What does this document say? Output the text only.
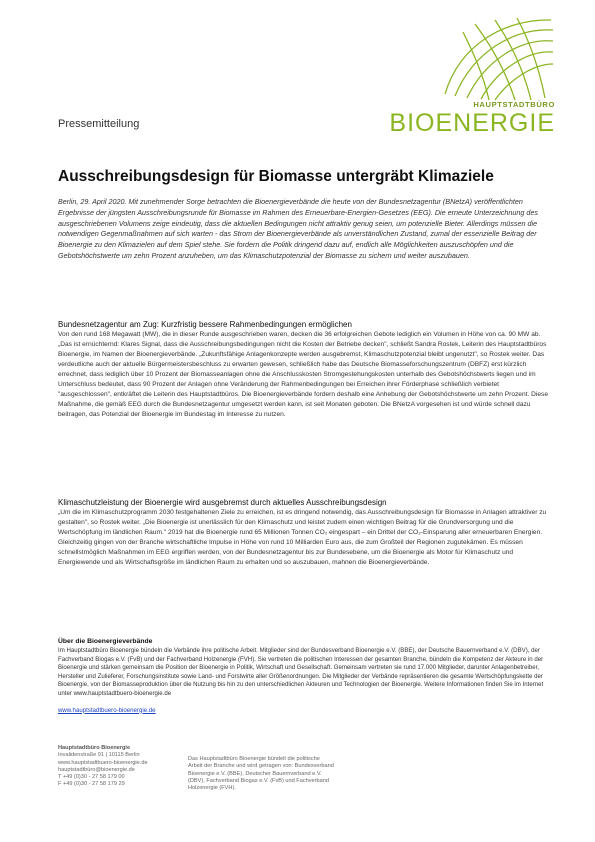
HAUPTSTADTBÜRO
BIOENERGIE
Pressemitteilung
Ausschreibungsdesign für Biomasse untergräbt Klimaziele

Berlin, 29. April 2020. Mit zunehmender Sorge betrachten die Bioenergieverbände die heute von der Bundesnetzagentur (BNetzA) veröffentlichten Ergebnisse der jüngsten Ausschreibungsrunde für Biomasse im Rahmen des Erneuerbare-Energien-Gesetzes (EEG). Die erneute Unterzeichnung des ausgeschriebenen Volumens zeige eindeutig, dass die aktuellen Bedingungen nicht attraktiv genug seien, um potenzielle Bieter. Allerdings müssen die notwendigen Gegenmaßnahmen auf sich warten - das Strom der Bioenergieverbände als unverständlichen Zustand, zumal der essenzielle Beitrag der Bioenergie zu den Klimazielen auf dem Spiel stehe. Sie fordern die Politik dringend dazu auf, endlich alle Möglichkeiten auszuschöpfen und die Gebotshöchstwerte um zehn Prozent anzuheben, um das Klimaschutzpotenzial der Biomasse zu sichern und weiter auszubauen.

Bundesnetzagentur am Zug: Kurzfristig bessere Rahmenbedingungen ermöglichen

Von den rund 168 Megawatt (MW), die in dieser Runde ausgeschrieben waren, decken die 36 erfolgreichen Gebote lediglich ein Volumen in Höhe von ca. 90 MW ab. „Das ist ernüchternd: Klares Signal, dass die Ausschreibungsbedingungen nicht die Kosten der Betriebe decken", schließt Sandra Rostek, Leiterin des Hauptstadtbüros Bioenergie, im Namen der Bioenergieverbände. „Zukunftsfähige Anlagenkonzepte werden ausgebremst, Klimaschutzpotenzial bleibt ungenutzt", so Rostek weiter. Das verdeutliche auch der aktuelle Bürgermeistersbeschluss zu erwarten gewesen, schließlich habe das Deutsche Biomasseforschungszentrum (DBFZ) erst kürzlich errechnet, dass lediglich über 10 Prozent der Biomasseanlagen ohne die Anschlusskosten Stromgestehungskosten unterhalb des Gebotshöchstwerts liegen und im Unterschluss bedeutet, dass 90 Prozent der Anlagen ohne Veränderung der Rahmenbedingungen bei Erreichen ihrer Förderphase schließlich verbietet "ausgeschlossen", entkräftet die Leiterin des Hauptstadtbüros. Die Bioenergieverbände fordern deshalb eine Anhebung der Gebotshöchstwerte um zehn Prozent. Diese Maßnahme, die gemäß EEG durch die Bundesnetzagentur umgesetzt werden kann, ist seit Monaten geboten. Die BNetzA vorgesehen ist und würde schnell dazu beitragen, das Potenzial der Bioenergie im Bundestag im Interesse zu nutzen.

Klimaschutzleistung der Bioenergie wird ausgebremst durch aktuelles Ausschreibungsdesign

„Um die im Klimaschutzprogramm 2030 festgehaltenen Ziele zu erreichen, ist es dringend notwendig, das Ausschreibungsdesign für Biomasse in Anlagen attraktiver zu gestalten", so Rostek weiter. „Die Bioenergie ist unerlässlich für den Klimaschutz und leistet zudem einen wichtigen Beitrag für die Grundversorgung und die Wertschöpfung im ländlichen Raum." 2019 hat die Bioenergie rund 65 Millionen Tonnen CO₂ eingespart – ein Drittel der CO₂-Einsparung aller erneuerbaren Energien. Gleichzeitig gingen von der Branche wirtschaftliche Impulse in Höhe von rund 10 Milliarden Euro aus, die zum Großteil der Regionen zugutekämen. Es müssen schnellstmöglich Maßnahmen im EEG ergriffen werden, von der Bundesnetzagentur bis zur Bundesebene, um die Bioenergie als Motor für Klimaschutz und Energiewende und als Wirtschaftsgröße im ländlichen Raum zu erhalten und so auszubauen, mahnen die Bioenergieverbände.

Über die Bioenergieverbände

Im Hauptstadtbüro Bioenergie bündeln die Verbände ihre politische Arbeit. Mitglieder sind der Bundesverband Bioenergie e.V. (BBE), der Deutsche Bauernverband e.V. (DBV), der Fachverband Biogas e.V. (FvB) und der Fachverband Holzenergie (FVH). Sie vertreten die politischen Interessen der gesamten Branche, bündeln die Kompetenz der Akteure in der Bioenergie und stärken gemeinsam die Position der Bioenergie in Politik, Wirtschaft und Gesellschaft. Gemeinsam vertreten sie rund 17.000 Mitglieder, darunter Anlagenbetreiber, Hersteller und Zulieferer, Forschungsinstitute sowie Land- und Forstwirte aller Größenordnungen. Die Mitglieder der Verbände repräsentieren die gesamte Wertschöpfungskette der Bioenergie, von der Biomasseproduktion über die Nutzung bis hin zu den unterschiedlichen Akteuren und Technologien der Bioenergie. Weitere Informationen finden Sie im Internet unter www.hauptstadtbuero-bioenergie.de

www.hauptstadtbuero-bioenergie.de
Hauptstadtbüro Bioenergie
Invalidenstraße 91 | 10115 Berlin
www.hauptstadtbuero-bioenergie.de
hauptstadtbüro@bioenergie.de
T +49 (0)30 - 27 58 179 00
F +49 (0)30 - 27 58 179 29
Das Hauptstadtbüro Bioenergie bündelt die politische
Arbeit der Branche und wird getragen von: Bundesverband
Bioenergie e.V. (BBE), Deutscher Bauernverband e.V.
(DBV), Fachverband Biogas e.V. (FvB) und Fachverband
Holzenergie (FVH).
